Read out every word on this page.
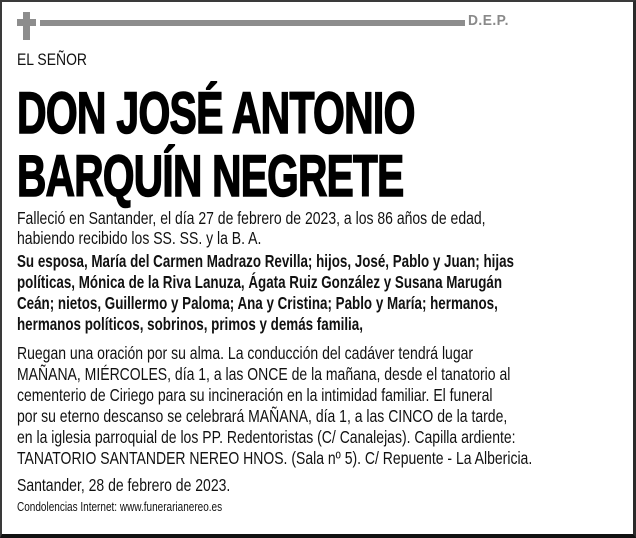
D.E.P.
EL SEÑOR
DON JOSÉ ANTONIO
BARQUÍN NEGRETE
Falleció en Santander, el día 27 de febrero de 2023, a los 86 años de edad,
habiendo recibido los SS. SS. y la B. A.
Su esposa, María del Carmen Madrazo Revilla; hijos, José, Pablo y Juan; hijas
políticas, Mónica de la Riva Lanuza, Ágata Ruiz González y Susana Marugán
Ceán; nietos, Guillermo y Paloma; Ana y Cristina; Pablo y María; hermanos,
hermanos políticos, sobrinos, primos y demás familia,
Ruegan una oración por su alma. La conducción del cadáver tendrá lugar
MAÑANA, MIÉRCOLES, día 1, a las ONCE de la mañana, desde el tanatorio al
cementerio de Ciriego para su incineración en la intimidad familiar. El funeral
por su eterno descanso se celebrará MAÑANA, día 1, a las CINCO de la tarde,
en la iglesia parroquial de los PP. Redentoristas (C/ Canalejas). Capilla ardiente:
TANATORIO SANTANDER NEREO HNOS. (Sala nº 5). C/ Repuente - La Albericia.
Santander, 28 de febrero de 2023.
Condolencias Internet: www.funerarianereo.es
